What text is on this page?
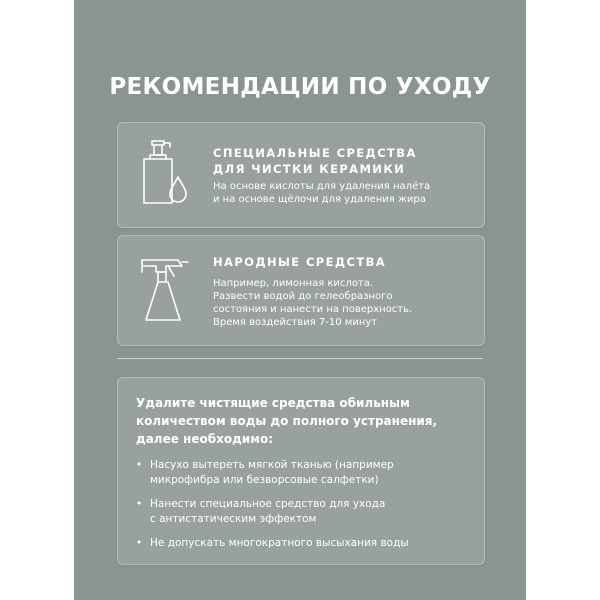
РЕКОМЕНДАЦИИ ПО УХОДУ
СПЕЦИАЛЬНЫЕ СРЕДСТВА
ДЛЯ ЧИСТКИ КЕРАМИКИ
На основе кислоты для удаления налёта
и на основе щёлочи для удаления жира
НАРОДНЫЕ СРЕДСТВА
Например, лимонная кислота.
Развести водой до гелеобразного
состояния и нанести на поверхность.
Время воздействия 7-10 минут
Удалите чистящие средства обильным
количеством воды до полного устранения,
далее необходимо:
• Насухо вытереть мягкой тканью (например
микрофибра или безворсовые салфетки)
• Нанести специальное средство для ухода
с антистатическим эффектом
• Не допускать многократного высыхания воды
